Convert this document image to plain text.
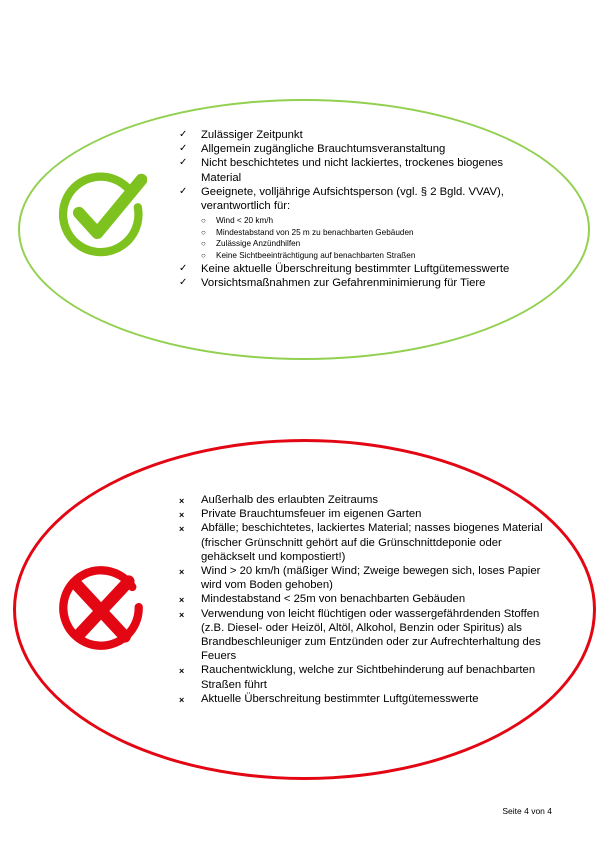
✓	Zulässiger Zeitpunkt
✓	Allgemein zugängliche Brauchtumsveranstaltung
✓	Nicht beschichtetes und nicht lackiertes, trockenes biogenes Material
✓	Geeignete, volljährige Aufsichtsperson (vgl. § 2 Bgld. VVAV), verantwortlich für:
○	Wind < 20 km/h
○	Mindestabstand von 25 m zu benachbarten Gebäuden
○	Zulässige Anzündhilfen
○	Keine Sichtbeeinträchtigung auf benachbarten Straßen
✓	Keine aktuelle Überschreitung bestimmter Luftgütemesswerte
✓	Vorsichtsmaßnahmen zur Gefahrenminimierung für Tiere
×	Außerhalb des erlaubten Zeitraums
×	Private Brauchtumsfeuer im eigenen Garten
×	Abfälle; beschichtetes, lackiertes Material; nasses biogenes Material (frischer Grünschnitt gehört auf die Grünschnittdeponie oder gehäckselt und kompostiert!)
×	Wind > 20 km/h (mäßiger Wind; Zweige bewegen sich, loses Papier wird vom Boden gehoben)
×	Mindestabstand < 25m von benachbarten Gebäuden
×	Verwendung von leicht flüchtigen oder wassergefährdenden Stoffen (z.B. Diesel- oder Heizöl, Altöl, Alkohol, Benzin oder Spiritus) als Brandbeschleuniger zum Entzünden oder zur Aufrechterhaltung des Feuers
×	Rauchentwicklung, welche zur Sichtbehinderung auf benachbarten Straßen führt
×	Aktuelle Überschreitung bestimmter Luftgütemesswerte
Seite 4 von 4
